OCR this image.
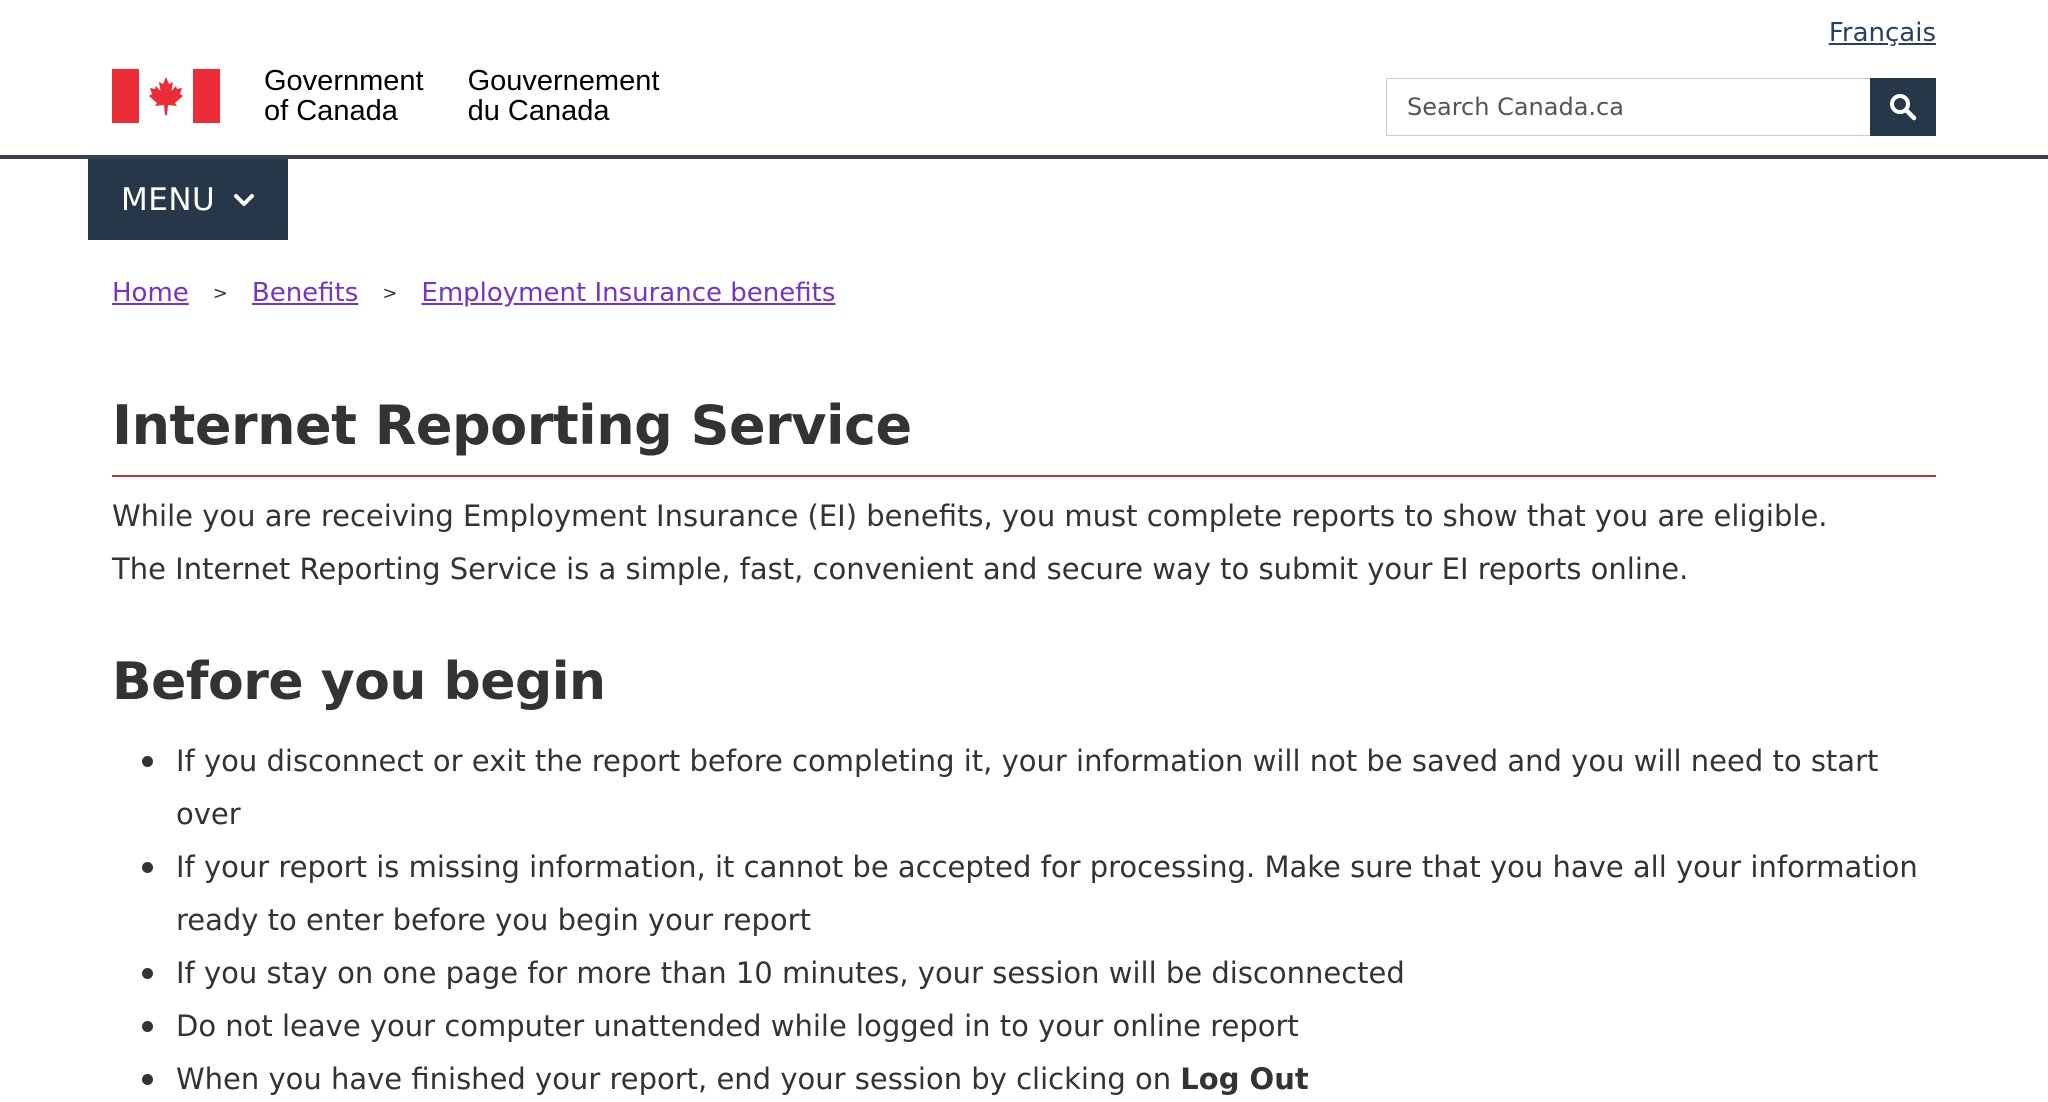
Français
Government
of Canada
Gouvernement
du Canada
Search Canada.ca
MENU
Home > Benefits > Employment Insurance benefits
Internet Reporting Service

While you are receiving Employment Insurance (EI) benefits, you must complete reports to show that you are eligible.

The Internet Reporting Service is a simple, fast, convenient and secure way to submit your EI reports online.

Before you begin
If you disconnect or exit the report before completing it, your information will not be saved and you will need to start over
If your report is missing information, it cannot be accepted for processing. Make sure that you have all your information ready to enter before you begin your report
If you stay on one page for more than 10 minutes, your session will be disconnected
Do not leave your computer unattended while logged in to your online report
When you have finished your report, end your session by clicking on Log Out
